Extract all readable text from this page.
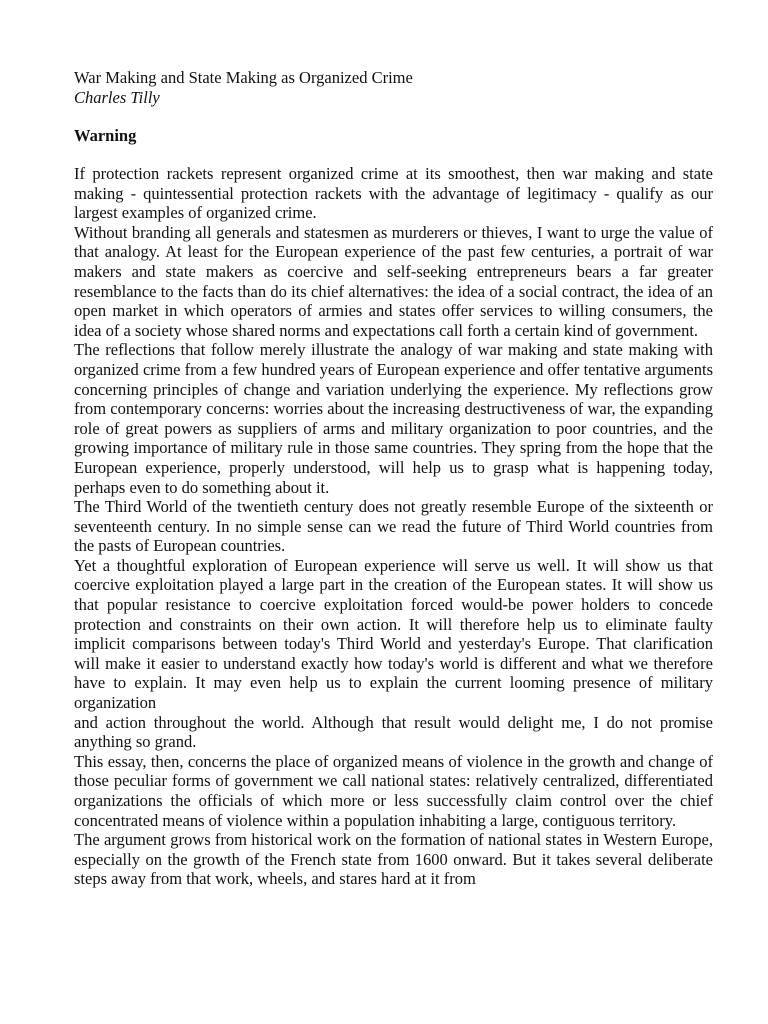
War Making and State Making as Organized Crime

Charles Tilly

Warning

If protection rackets represent organized crime at its smoothest, then war making and state making - quintessential protection rackets with the advantage of legitimacy - qualify as our largest examples of organized crime.

Without branding all generals and statesmen as murderers or thieves, I want to urge the value of that analogy. At least for the European experience of the past few centuries, a portrait of war makers and state makers as coercive and self-seeking entrepreneurs bears a far greater resemblance to the facts than do its chief alternatives: the idea of a social contract, the idea of an open market in which operators of armies and states offer services to willing consumers, the idea of a society whose shared norms and expectations call forth a certain kind of government.

The reflections that follow merely illustrate the analogy of war making and state making with organized crime from a few hundred years of European experience and offer tentative arguments concerning principles of change and variation underlying the experience. My reflections grow from contemporary concerns: worries about the increasing destructiveness of war, the expanding role of great powers as suppliers of arms and military organization to poor countries, and the growing importance of military rule in those same countries. They spring from the hope that the European experience, properly understood, will help us to grasp what is happening today, perhaps even to do something about it.

The Third World of the twentieth century does not greatly resemble Europe of the sixteenth or seventeenth century. In no simple sense can we read the future of Third World countries from the pasts of European countries.

Yet a thoughtful exploration of European experience will serve us well. It will show us that coercive exploitation played a large part in the creation of the European states. It will show us that popular resistance to coercive exploitation forced would-be power holders to concede protection and constraints on their own action. It will therefore help us to eliminate faulty implicit comparisons between today's Third World and yesterday's Europe. That clarification will make it easier to understand exactly how today's world is different and what we therefore have to explain. It may even help us to explain the current looming presence of military organization

and action throughout the world. Although that result would delight me, I do not promise anything so grand.

This essay, then, concerns the place of organized means of violence in the growth and change of those peculiar forms of government we call national states: relatively centralized, differentiated organizations the officials of which more or less successfully claim control over the chief concentrated means of violence within a population inhabiting a large, contiguous territory.

The argument grows from historical work on the formation of national states in Western Europe, especially on the growth of the French state from 1600 onward. But it takes several deliberate steps away from that work, wheels, and stares hard at it from
